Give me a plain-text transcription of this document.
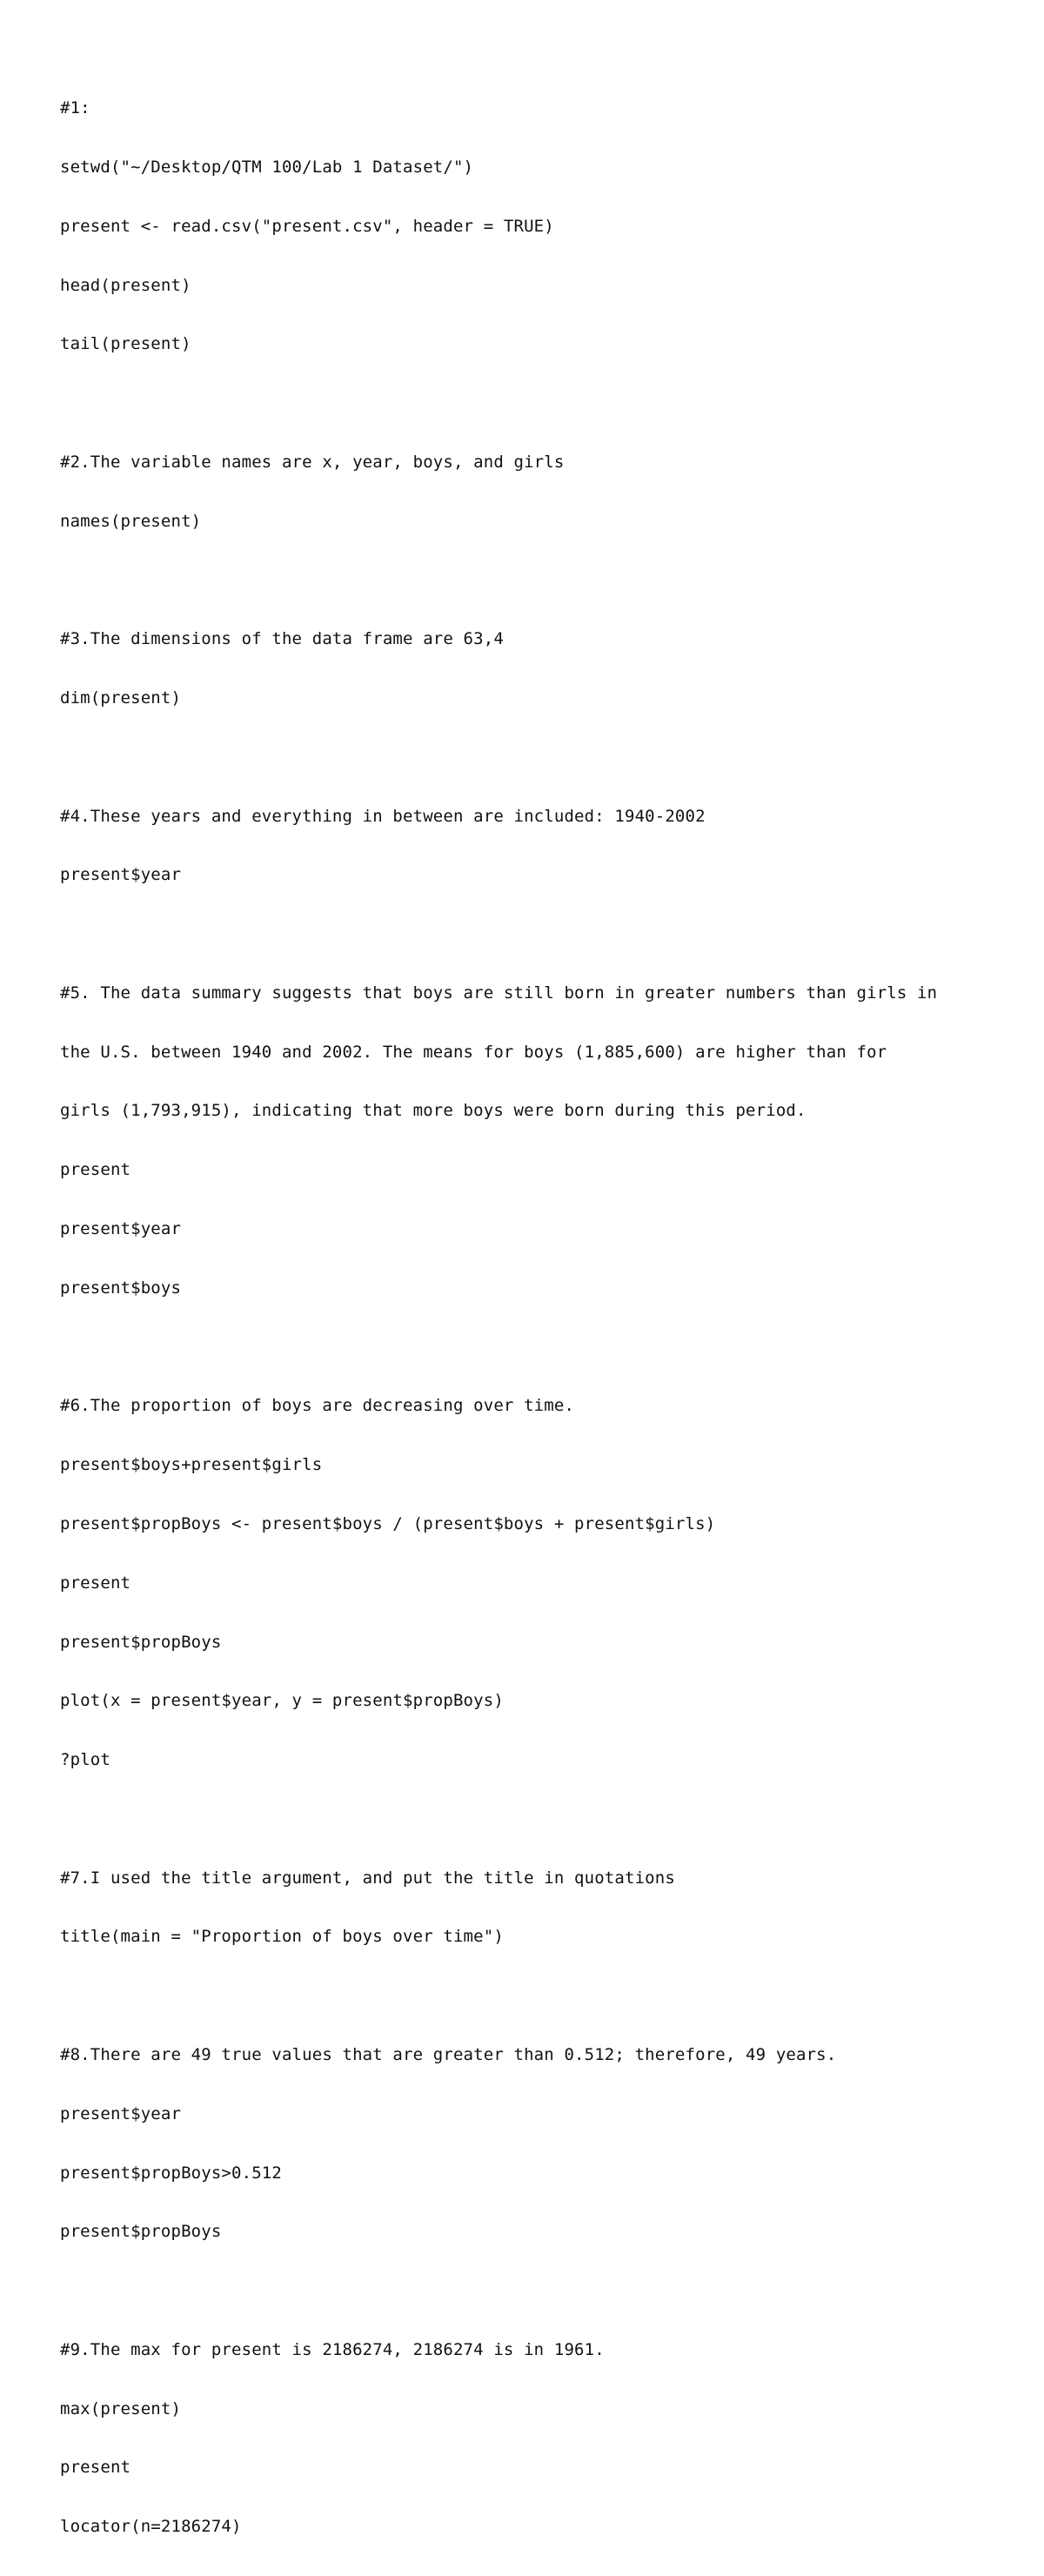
#1:

setwd("~/Desktop/QTM 100/Lab 1 Dataset/")

present <- read.csv("present.csv", header = TRUE)

head(present)

tail(present)

#2.The variable names are x, year, boys, and girls

names(present)

#3.The dimensions of the data frame are 63,4

dim(present)

#4.These years and everything in between are included: 1940-2002

present$year

#5. The data summary suggests that boys are still born in greater numbers than girls in

the U.S. between 1940 and 2002. The means for boys (1,885,600) are higher than for

girls (1,793,915), indicating that more boys were born during this period.

present

present$year

present$boys

#6.The proportion of boys are decreasing over time.

present$boys+present$girls

present$propBoys <- present$boys / (present$boys + present$girls)

present

present$propBoys

plot(x = present$year, y = present$propBoys)

?plot

#7.I used the title argument, and put the title in quotations

title(main = "Proportion of boys over time")

#8.There are 49 true values that are greater than 0.512; therefore, 49 years.

present$year

present$propBoys>0.512

present$propBoys

#9.The max for present is 2186274, 2186274 is in 1961.

max(present)

present

locator(n=2186274)
